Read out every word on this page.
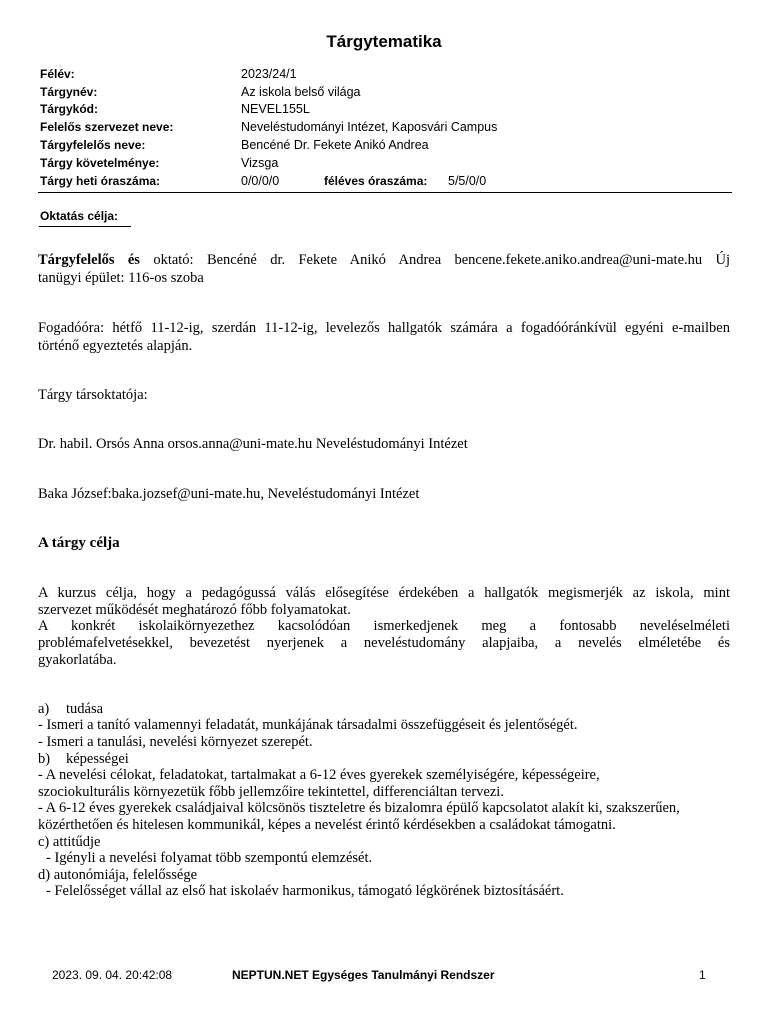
Tárgytematika
Félév:	2023/24/1
Tárgynév:	Az iskola belső világa
Tárgykód:	NEVEL155L
Felelős szervezet neve:	Neveléstudományi Intézet, Kaposvári Campus
Tárgyfelelős neve:	Bencéné Dr. Fekete Anikó Andrea
Tárgy követelménye:	Vizsga
Tárgy heti óraszáma:	0/0/0/0	féléves óraszáma: 5/5/0/0
Oktatás célja:
Tárgyfelelős és oktató: Bencéné dr. Fekete Anikó Andrea bencene.fekete.aniko.andrea@uni-mate.hu Új
tanügyi épület: 116-os szoba
Fogadóóra: hétfő 11-12-ig, szerdán 11-12-ig, levelezős hallgatók számára a fogadóóránkívül egyéni e-mailben
történő egyeztetés alapján.
Tárgy társoktatója:
Dr. habil. Orsós Anna orsos.anna@uni-mate.hu Neveléstudományi Intézet
Baka József:baka.jozsef@uni-mate.hu, Neveléstudományi Intézet
A tárgy célja
A kurzus célja, hogy a pedagógussá válás elősegítése érdekében a hallgatók megismerjék az iskola, mint
szervezet működését meghatározó főbb folyamatokat.
A konkrét iskolaikörnyezethez kacsolódóan ismerkedjenek meg a fontosabb neveléselméleti
problémafelvetésekkel, bevezetést nyerjenek a neveléstudomány alapjaiba, a nevelés elméletébe és
gyakorlatába.
a) tudása
- Ismeri a tanító valamennyi feladatát, munkájának társadalmi összefüggéseit és jelentőségét.
- Ismeri a tanulási, nevelési környezet szerepét.
b) képességei
- A nevelési célokat, feladatokat, tartalmakat a 6-12 éves gyerekek személyiségére, képességeire,
szociokulturális környezetük főbb jellemzőire tekintettel, differenciáltan tervezi.
- A 6-12 éves gyerekek családjaival kölcsönös tiszteletre és bizalomra épülő kapcsolatot alakít ki, szakszerűen,
közérthetően és hitelesen kommunikál, képes a nevelést érintő kérdésekben a családokat támogatni.
c) attitűdje
- Igényli a nevelési folyamat több szempontú elemzését.
d) autonómiája, felelőssége
- Felelősséget vállal az első hat iskolaév harmonikus, támogató légkörének biztosításáért.
2023. 09. 04. 20:42:08	NEPTUN.NET Egységes Tanulmányi Rendszer	1
